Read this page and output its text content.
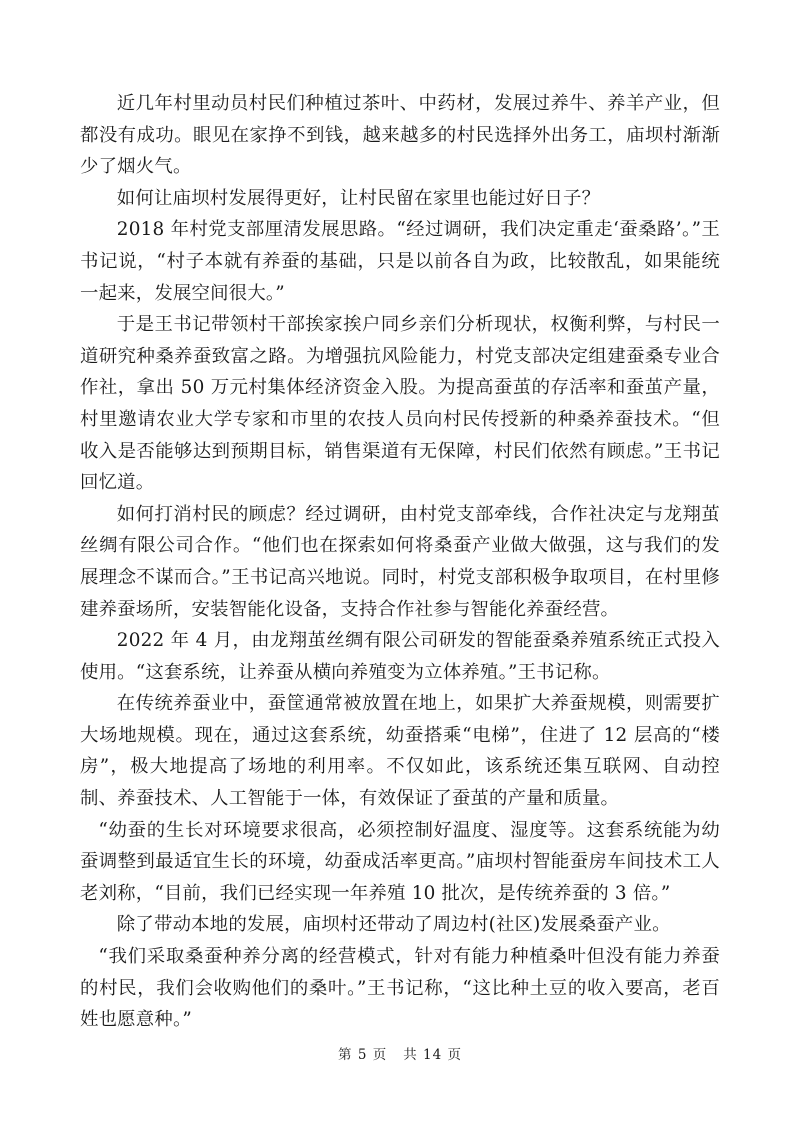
近几年村里动员村民们种植过茶叶、中药材，发展过养牛、养羊产业，但都没有成功。眼见在家挣不到钱，越来越多的村民选择外出务工，庙坝村渐渐少了烟火气。

如何让庙坝村发展得更好，让村民留在家里也能过好日子？

2018 年村党支部厘清发展思路。“经过调研，我们决定重走‘蚕桑路’。”王书记说，“村子本就有养蚕的基础，只是以前各自为政，比较散乱，如果能统一起来，发展空间很大。”

于是王书记带领村干部挨家挨户同乡亲们分析现状，权衡利弊，与村民一道研究种桑养蚕致富之路。为增强抗风险能力，村党支部决定组建蚕桑专业合作社，拿出 50 万元村集体经济资金入股。为提高蚕茧的存活率和蚕茧产量，村里邀请农业大学专家和市里的农技人员向村民传授新的种桑养蚕技术。“但收入是否能够达到预期目标，销售渠道有无保障，村民们依然有顾虑。”王书记回忆道。

如何打消村民的顾虑？经过调研，由村党支部牵线，合作社决定与龙翔茧丝绸有限公司合作。“他们也在探索如何将桑蚕产业做大做强，这与我们的发展理念不谋而合。”王书记高兴地说。同时，村党支部积极争取项目，在村里修建养蚕场所，安装智能化设备，支持合作社参与智能化养蚕经营。

2022 年 4 月，由龙翔茧丝绸有限公司研发的智能蚕桑养殖系统正式投入使用。“这套系统，让养蚕从横向养殖变为立体养殖。”王书记称。

在传统养蚕业中，蚕筐通常被放置在地上，如果扩大养蚕规模，则需要扩大场地规模。现在，通过这套系统，幼蚕搭乘“电梯”，住进了 12 层高的“楼房”，极大地提高了场地的利用率。不仅如此，该系统还集互联网、自动控制、养蚕技术、人工智能于一体，有效保证了蚕茧的产量和质量。

“幼蚕的生长对环境要求很高，必须控制好温度、湿度等。这套系统能为幼蚕调整到最适宜生长的环境，幼蚕成活率更高。”庙坝村智能蚕房车间技术工人老刘称，“目前，我们已经实现一年养殖 10 批次，是传统养蚕的 3 倍。”

除了带动本地的发展，庙坝村还带动了周边村(社区)发展桑蚕产业。

“我们采取桑蚕种养分离的经营模式，针对有能力种植桑叶但没有能力养蚕的村民，我们会收购他们的桑叶。”王书记称，“这比种土豆的收入要高，老百姓也愿意种。”

第 5 页 共 14 页
